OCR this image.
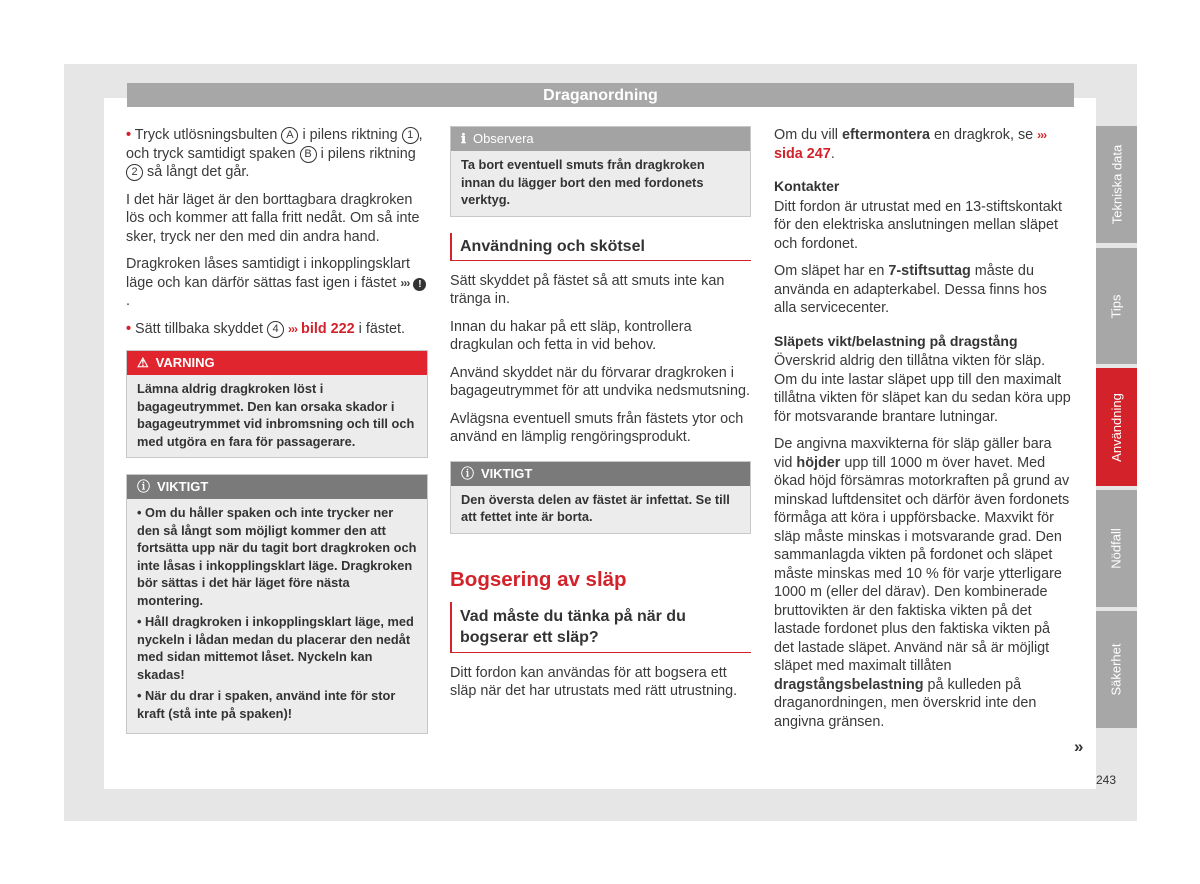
Draganordning

• Tryck utlösningsbulten A i pilens riktning 1 , och tryck samtidigt spaken B i pilens riktning 2 så långt det går.

I det här läget är den borttagbara dragkroken lös och kommer att falla fritt nedåt. Om så inte sker, tryck ner den med din andra hand.

Dragkroken låses samtidigt i inkopplingsklart läge och kan därför sättas fast igen i fästet ››› !.

• Sätt tillbaka skyddet 4 ››› bild 222 i fästet.

⚠ VARNING
Lämna aldrig dragkroken löst i bagageutrymmet. Den kan orsaka skador i bagageutrymmet vid inbromsning och till och med utgöra en fara för passagerare.
ⓘ VIKTIGT

• Om du håller spaken och inte trycker ner den så långt som möjligt kommer den att fortsätta upp när du tagit bort dragkroken och inte låsas i inkopplingsklart läge. Dragkroken bör sättas i det här läget före nästa montering.

• Håll dragkroken i inkopplingsklart läge, med nyckeln i lådan medan du placerar den nedåt med sidan mittemot låset. Nyckeln kan skadas!

• När du drar i spaken, använd inte för stor kraft (stå inte på spaken)!

ℹ Observera
Ta bort eventuell smuts från dragkroken innan du lägger bort den med fordonets verktyg.
Användning och skötsel

Sätt skyddet på fästet så att smuts inte kan tränga in.

Innan du hakar på ett släp, kontrollera dragkulan och fetta in vid behov.

Använd skyddet när du förvarar dragkroken i bagageutrymmet för att undvika nedsmutsning.

Avlägsna eventuell smuts från fästets ytor och använd en lämplig rengöringsprodukt.

ⓘ VIKTIGT
Den översta delen av fästet är infettat. Se till att fettet inte är borta.
Bogsering av släp
Vad måste du tänka på när du bogserar ett släp?

Ditt fordon kan användas för att bogsera ett släp när det har utrustats med rätt utrustning.

Om du vill eftermontera en dragkrok, se ››› sida 247.

Kontakter

Ditt fordon är utrustat med en 13-stiftskontakt för den elektriska anslutningen mellan släpet och fordonet.

Om släpet har en 7-stiftsuttag måste du använda en adapterkabel. Dessa finns hos alla servicecenter.

Släpets vikt/belastning på dragstång

Överskrid aldrig den tillåtna vikten för släp. Om du inte lastar släpet upp till den maximalt tillåtna vikten för släpet kan du sedan köra upp för motsvarande brantare lutningar.

De angivna maxvikterna för släp gäller bara vid höjder upp till 1000 m över havet. Med ökad höjd försämras motorkraften på grund av minskad luftdensitet och därför även fordonets förmåga att köra i uppförsbacke. Maxvikt för släp måste minskas i motsvarande grad. Den sammanlagda vikten på fordonet och släpet måste minskas med 10 % för varje ytterligare 1000 m (eller del därav). Den kombinerade bruttovikten är den faktiska vikten på det lastade fordonet plus den faktiska vikten på det lastade släpet. Använd när så är möjligt släpet med maximalt tillåten dragstångsbelastning på kulleden på draganordningen, men överskrid inte den angivna gränsen.

Tekniska data
Tips
Användning
Nödfall
Säkerhet
»
243
